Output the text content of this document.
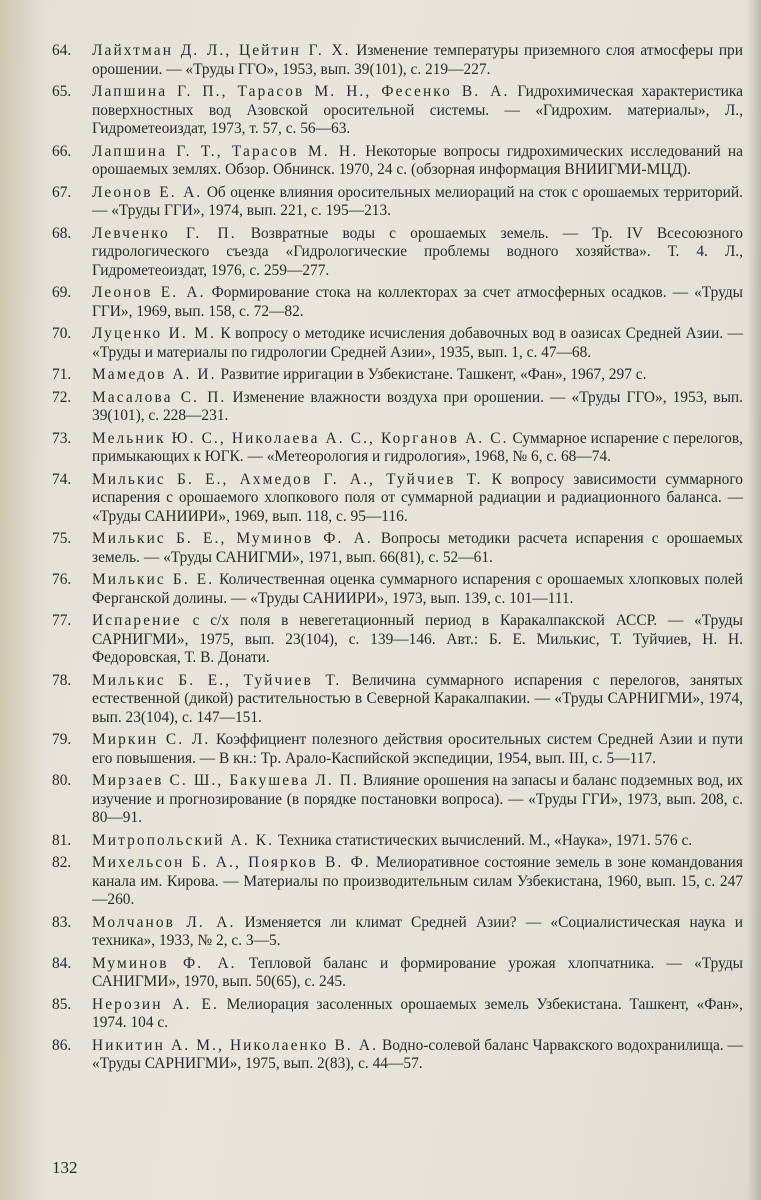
64. Лайхтман Д. Л., Цейтин Г. Х. Изменение температуры приземного слоя атмосферы при орошении. — «Труды ГГО», 1953, вып. 39(101), с. 219—227.
65. Лапшина Г. П., Тарасов М. Н., Фесенко В. А. Гидрохимическая характеристика поверхностных вод Азовской оросительной системы. — «Гидрохим. материалы», Л., Гидрометеоиздат, 1973, т. 57, с. 56—63.
66. Лапшина Г. Т., Тарасов М. Н. Некоторые вопросы гидрохимических исследований на орошаемых землях. Обзор. Обнинск. 1970, 24 с. (обзорная информация ВНИИГМИ-МЦД).
67. Леонов Е. А. Об оценке влияния оросительных мелиораций на сток с орошаемых территорий. — «Труды ГГИ», 1974, вып. 221, с. 195—213.
68. Левченко Г. П. Возвратные воды с орошаемых земель. — Тр. IV Всесоюзного гидрологического съезда «Гидрологические проблемы водного хозяйства». Т. 4. Л., Гидрометеоиздат, 1976, с. 259—277.
69. Леонов Е. А. Формирование стока на коллекторах за счет атмосферных осадков. — «Труды ГГИ», 1969, вып. 158, с. 72—82.
70. Луценко И. М. К вопросу о методике исчисления добавочных вод в оазисах Средней Азии. — «Труды и материалы по гидрологии Средней Азии», 1935, вып. 1, с. 47—68.
71. Мамедов А. И. Развитие ирригации в Узбекистане. Ташкент, «Фан», 1967, 297 с.
72. Масалова С. П. Изменение влажности воздуха при орошении. — «Труды ГГО», 1953, вып. 39(101), с. 228—231.
73. Мельник Ю. С., Николаева А. С., Корганов А. С. Суммарное испарение с перелогов, примыкающих к ЮГК. — «Метеорология и гидрология», 1968, № 6, с. 68—74.
74. Милькис Б. Е., Ахмедов Г. А., Туйчиев Т. К вопросу зависимости суммарного испарения с орошаемого хлопкового поля от суммарной радиации и радиационного баланса. — «Труды САНИИРИ», 1969, вып. 118, с. 95—116.
75. Милькис Б. Е., Муминов Ф. А. Вопросы методики расчета испарения с орошаемых земель. — «Труды САНИГМИ», 1971, вып. 66(81), с. 52—61.
76. Милькис Б. Е. Количественная оценка суммарного испарения с орошаемых хлопковых полей Ферганской долины. — «Труды САНИИРИ», 1973, вып. 139, с. 101—111.
77. Испарение с с/х поля в невегетационный период в Каракалпакской АССР. — «Труды САРНИГМИ», 1975, вып. 23(104), с. 139—146. Авт.: Б. Е. Милькис, Т. Туйчиев, Н. Н. Федоровская, Т. В. Донати.
78. Милькис Б. Е., Туйчиев Т. Величина суммарного испарения с перелогов, занятых естественной (дикой) растительностью в Северной Каракалпакии. — «Труды САРНИГМИ», 1974, вып. 23(104), с. 147—151.
79. Миркин С. Л. Коэффициент полезного действия оросительных систем Средней Азии и пути его повышения. — В кн.: Тр. Арало-Каспийской экспедиции, 1954, вып. III, с. 5—117.
80. Мирзаев С. Ш., Бакушева Л. П. Влияние орошения на запасы и баланс подземных вод, их изучение и прогнозирование (в порядке постановки вопроса). — «Труды ГГИ», 1973, вып. 208, с. 80—91.
81. Митропольский А. К. Техника статистических вычислений. М., «Наука», 1971. 576 с.
82. Михельсон Б. А., Поярков В. Ф. Мелиоративное состояние земель в зоне командования канала им. Кирова. — Материалы по производительным силам Узбекистана, 1960, вып. 15, с. 247—260.
83. Молчанов Л. А. Изменяется ли климат Средней Азии? — «Социалистическая наука и техника», 1933, № 2, с. 3—5.
84. Муминов Ф. А. Тепловой баланс и формирование урожая хлопчатника. — «Труды САНИГМИ», 1970, вып. 50(65), с. 245.
85. Нерозин А. Е. Мелиорация засоленных орошаемых земель Узбекистана. Ташкент, «Фан», 1974. 104 с.
86. Никитин А. М., Николаенко В. А. Водно-солевой баланс Чарвакского водохранилища. — «Труды САРНИГМИ», 1975, вып. 2(83), с. 44—57.
132
